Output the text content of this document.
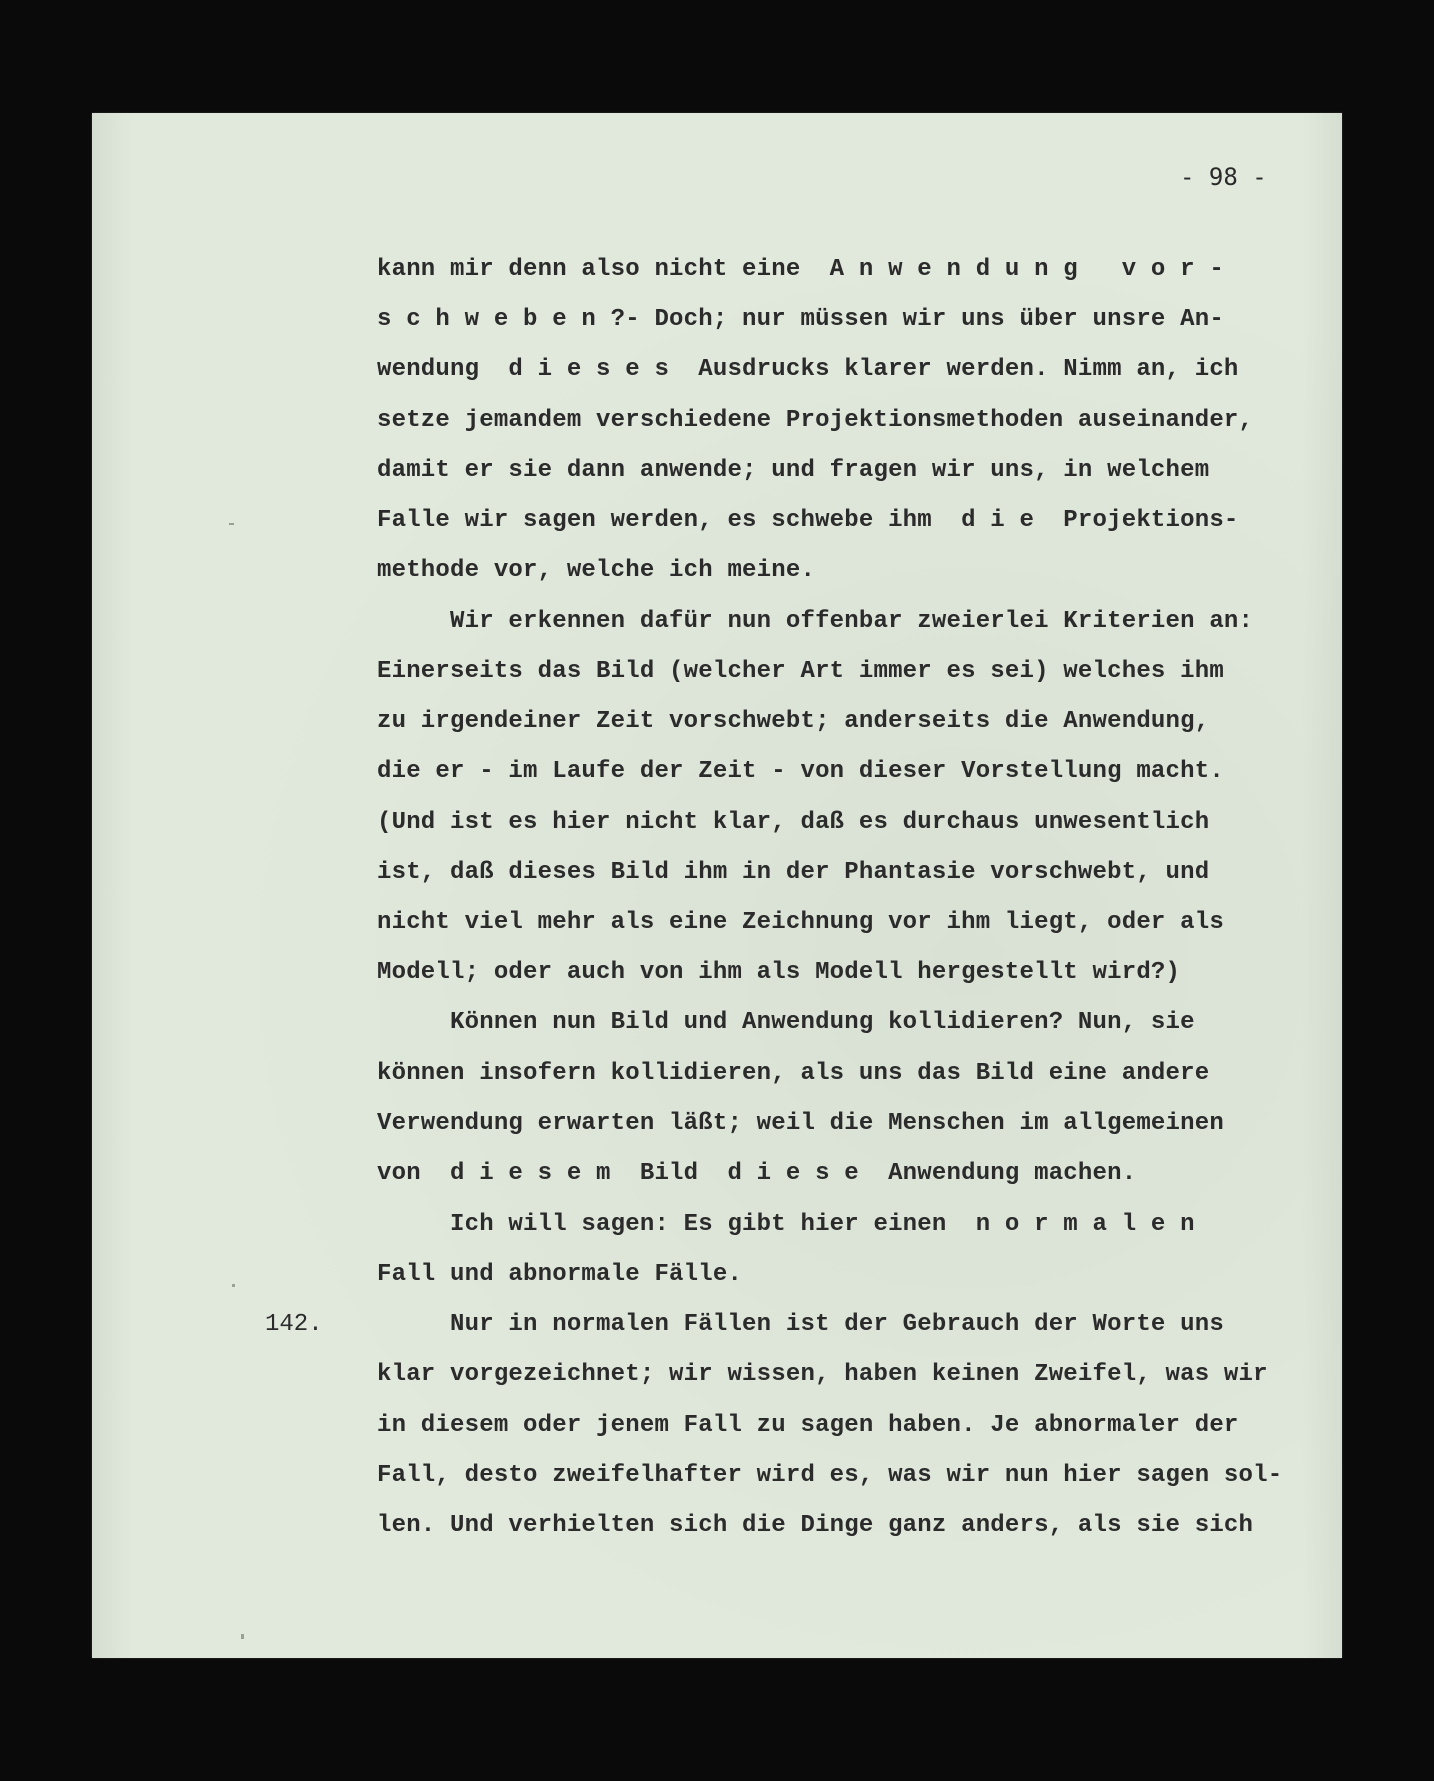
- 98 -
142.
kann mir denn also nicht eine  A n w e n d u n g   v o r -
s c h w e b e n ?- Doch; nur müssen wir uns über unsre An-
wendung  d i e s e s  Ausdrucks klarer werden. Nimm an, ich
setze jemandem verschiedene Projektionsmethoden auseinander,
damit er sie dann anwende; und fragen wir uns, in welchem
Falle wir sagen werden, es schwebe ihm  d i e  Projektions-
methode vor, welche ich meine.
Wir erkennen dafür nun offenbar zweierlei Kriterien an:
Einerseits das Bild (welcher Art immer es sei) welches ihm
zu irgendeiner Zeit vorschwebt; anderseits die Anwendung,
die er - im Laufe der Zeit - von dieser Vorstellung macht.
(Und ist es hier nicht klar, daß es durchaus unwesentlich
ist, daß dieses Bild ihm in der Phantasie vorschwebt, und
nicht viel mehr als eine Zeichnung vor ihm liegt, oder als
Modell; oder auch von ihm als Modell hergestellt wird?)
Können nun Bild und Anwendung kollidieren? Nun, sie
können insofern kollidieren, als uns das Bild eine andere
Verwendung erwarten läßt; weil die Menschen im allgemeinen
von  d i e s e m  Bild  d i e s e  Anwendung machen.
Ich will sagen: Es gibt hier einen  n o r m a l e n
Fall und abnormale Fälle.
Nur in normalen Fällen ist der Gebrauch der Worte uns
klar vorgezeichnet; wir wissen, haben keinen Zweifel, was wir
in diesem oder jenem Fall zu sagen haben. Je abnormaler der
Fall, desto zweifelhafter wird es, was wir nun hier sagen sol-
len. Und verhielten sich die Dinge ganz anders, als sie sich
